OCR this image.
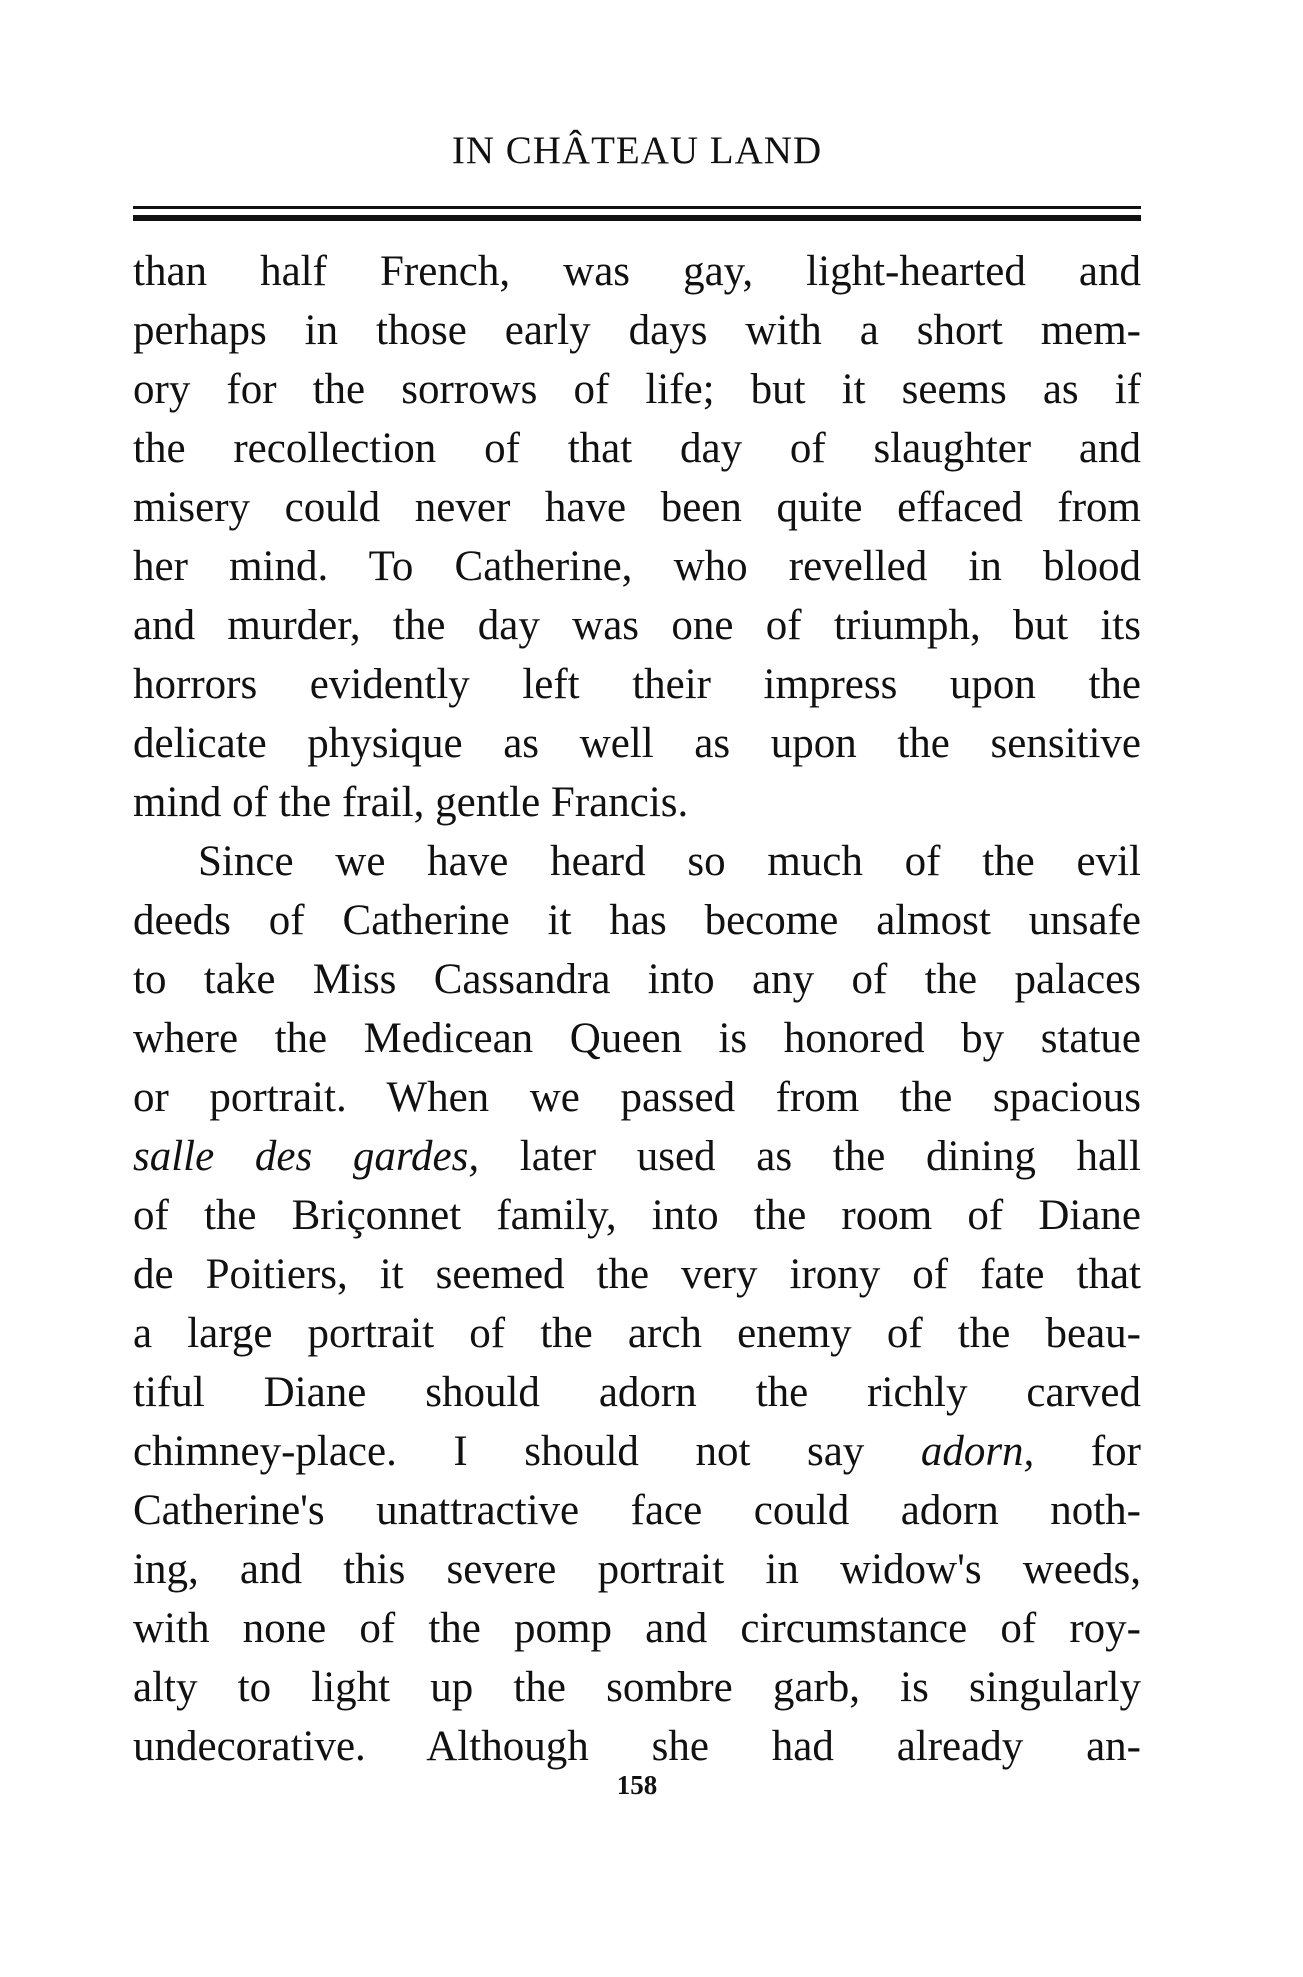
IN CHÂTEAU LAND
than half French, was gay, light-hearted and
perhaps in those early days with a short mem-
ory for the sorrows of life; but it seems as if
the recollection of that day of slaughter and
misery could never have been quite effaced from
her mind. To Catherine, who revelled in blood
and murder, the day was one of triumph, but its
horrors evidently left their impress upon the
delicate physique as well as upon the sensitive
mind of the frail, gentle Francis.
Since we have heard so much of the evil
deeds of Catherine it has become almost unsafe
to take Miss Cassandra into any of the palaces
where the Medicean Queen is honored by statue
or portrait. When we passed from the spacious
salle des gardes, later used as the dining hall
of the Briçonnet family, into the room of Diane
de Poitiers, it seemed the very irony of fate that
a large portrait of the arch enemy of the beau-
tiful Diane should adorn the richly carved
chimney-place. I should not say adorn, for
Catherine's unattractive face could adorn noth-
ing, and this severe portrait in widow's weeds,
with none of the pomp and circumstance of roy-
alty to light up the sombre garb, is singularly
undecorative. Although she had already an-
158
